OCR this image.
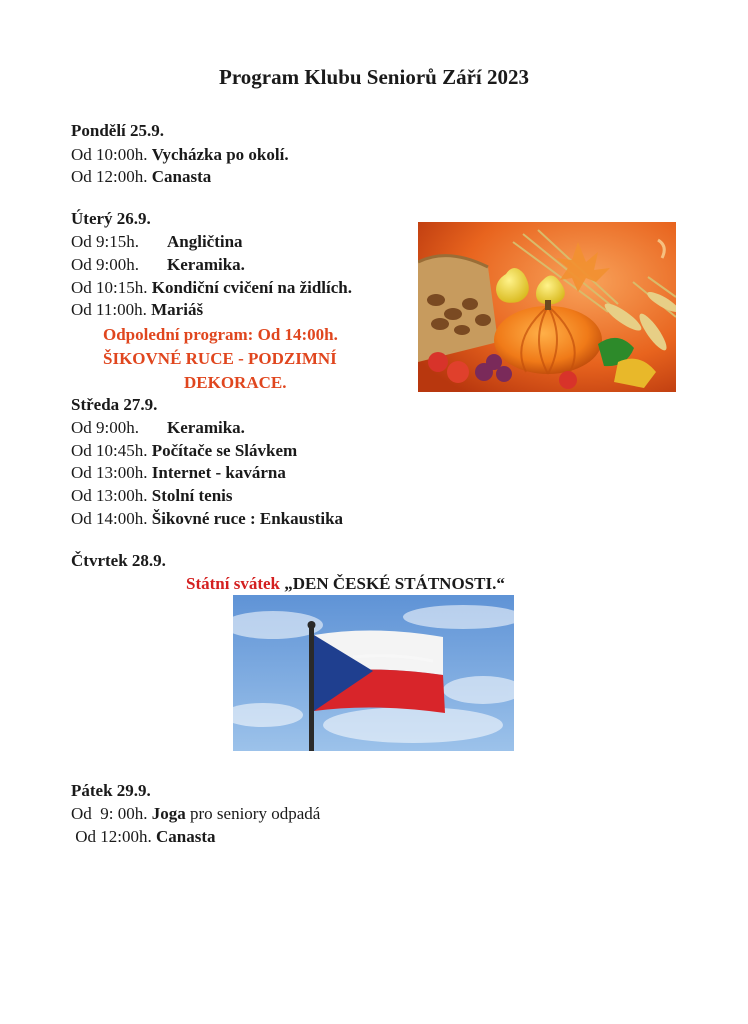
Program Klubu Seniorů Září 2023
Pondělí 25.9.
Od 10:00h. Vycházka po okolí.
Od 12:00h. Canasta
Úterý 26.9.
Od 9:15h. Angličtina
Od 9:00h. Keramika.
Od 10:15h. Kondiční cvičení na židlích.
Od 11:00h. Mariáš
Odpolední program: Od 14:00h.
ŠIKOVNÉ RUCE - PODZIMNÍ
DEKORACE.
Středa 27.9.
Od 9:00h. Keramika.
Od 10:45h. Počítače se Slávkem
Od 13:00h. Internet - kavárna
Od 13:00h. Stolní tenis
Od 14:00h. Šikovné ruce : Enkaustika
Čtvrtek 28.9.
Státní svátek „DEN ČESKÉ STÁTNOSTI.“
Pátek 29.9.
Od  9: 00h. Joga pro seniory odpadá
Od 12:00h. Canasta
